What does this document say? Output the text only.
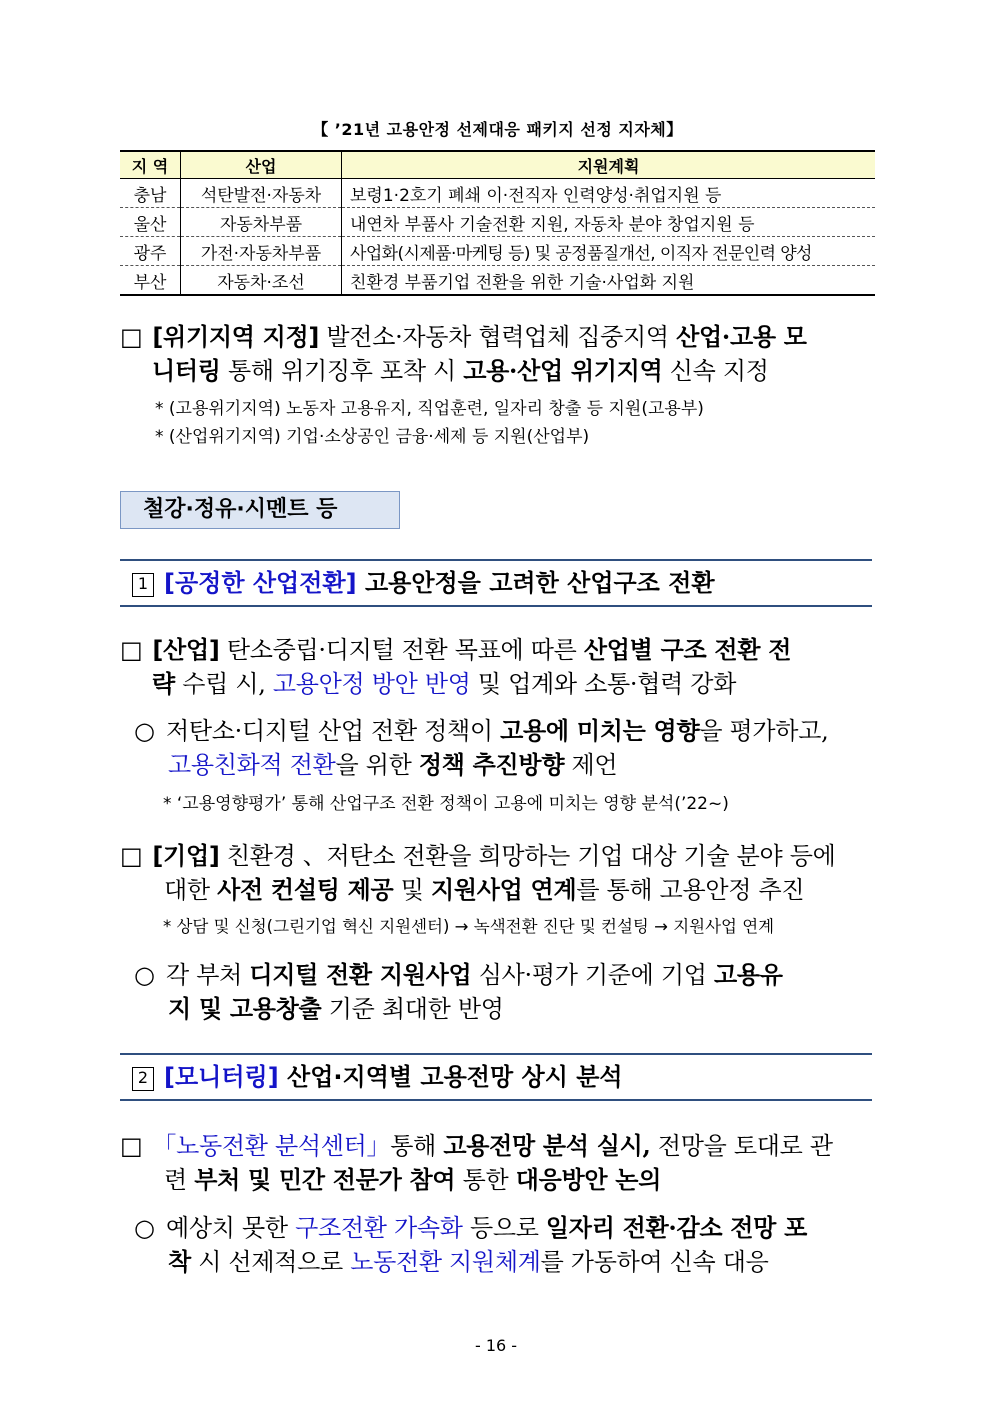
【 ’21년 고용안정 선제대응 패키지 선정 지자체】
지 역	산업	지원계획
충남	석탄발전·자동차	보령1·2호기 폐쇄 이·전직자 인력양성·취업지원 등
울산	자동차부품	내연차 부품사 기술전환 지원, 자동차 분야 창업지원 등
광주	가전·자동차부품	사업화(시제품·마케팅 등) 및 공정품질개선, 이직자 전문인력 양성
부산	자동차·조선	친환경 부품기업 전환을 위한 기술·사업화 지원
□ [위기지역 지정] 발전소·자동차 협력업체 집중지역 산업·고용 모
니터링 통해 위기징후 포착 시 고용·산업 위기지역 신속 지정
* (고용위기지역) 노동자 고용유지, 직업훈련, 일자리 창출 등 지원(고용부)
* (산업위기지역) 기업·소상공인 금융·세제 등 지원(산업부)
철강·정유·시멘트 등
1 [공정한 산업전환] 고용안정을 고려한 산업구조 전환
□ [산업] 탄소중립·디지털 전환 목표에 따른 산업별 구조 전환 전
략 수립 시, 고용안정 방안 반영 및 업계와 소통·협력 강화
○ 저탄소·디지털 산업 전환 정책이 고용에 미치는 영향을 평가하고,
고용친화적 전환을 위한 정책 추진방향 제언
* ‘고용영향평가’ 통해 산업구조 전환 정책이 고용에 미치는 영향 분석(’22~)
□ [기업] 친환경 、저탄소 전환을 희망하는 기업 대상 기술 분야 등에
대한 사전 컨설팅 제공 및 지원사업 연계를 통해 고용안정 추진
* 상담 및 신청(그린기업 혁신 지원센터) → 녹색전환 진단 및 컨설팅 → 지원사업 연계
○ 각 부처 디지털 전환 지원사업 심사·평가 기준에 기업 고용유
지 및 고용창출 기준 최대한 반영
2 [모니터링] 산업·지역별 고용전망 상시 분석
□ 「노동전환 분석센터」통해 고용전망 분석 실시, 전망을 토대로 관
련 부처 및 민간 전문가 참여 통한 대응방안 논의
○ 예상치 못한 구조전환 가속화 등으로 일자리 전환·감소 전망 포
착 시 선제적으로 노동전환 지원체계를 가동하여 신속 대응
- 16 -
